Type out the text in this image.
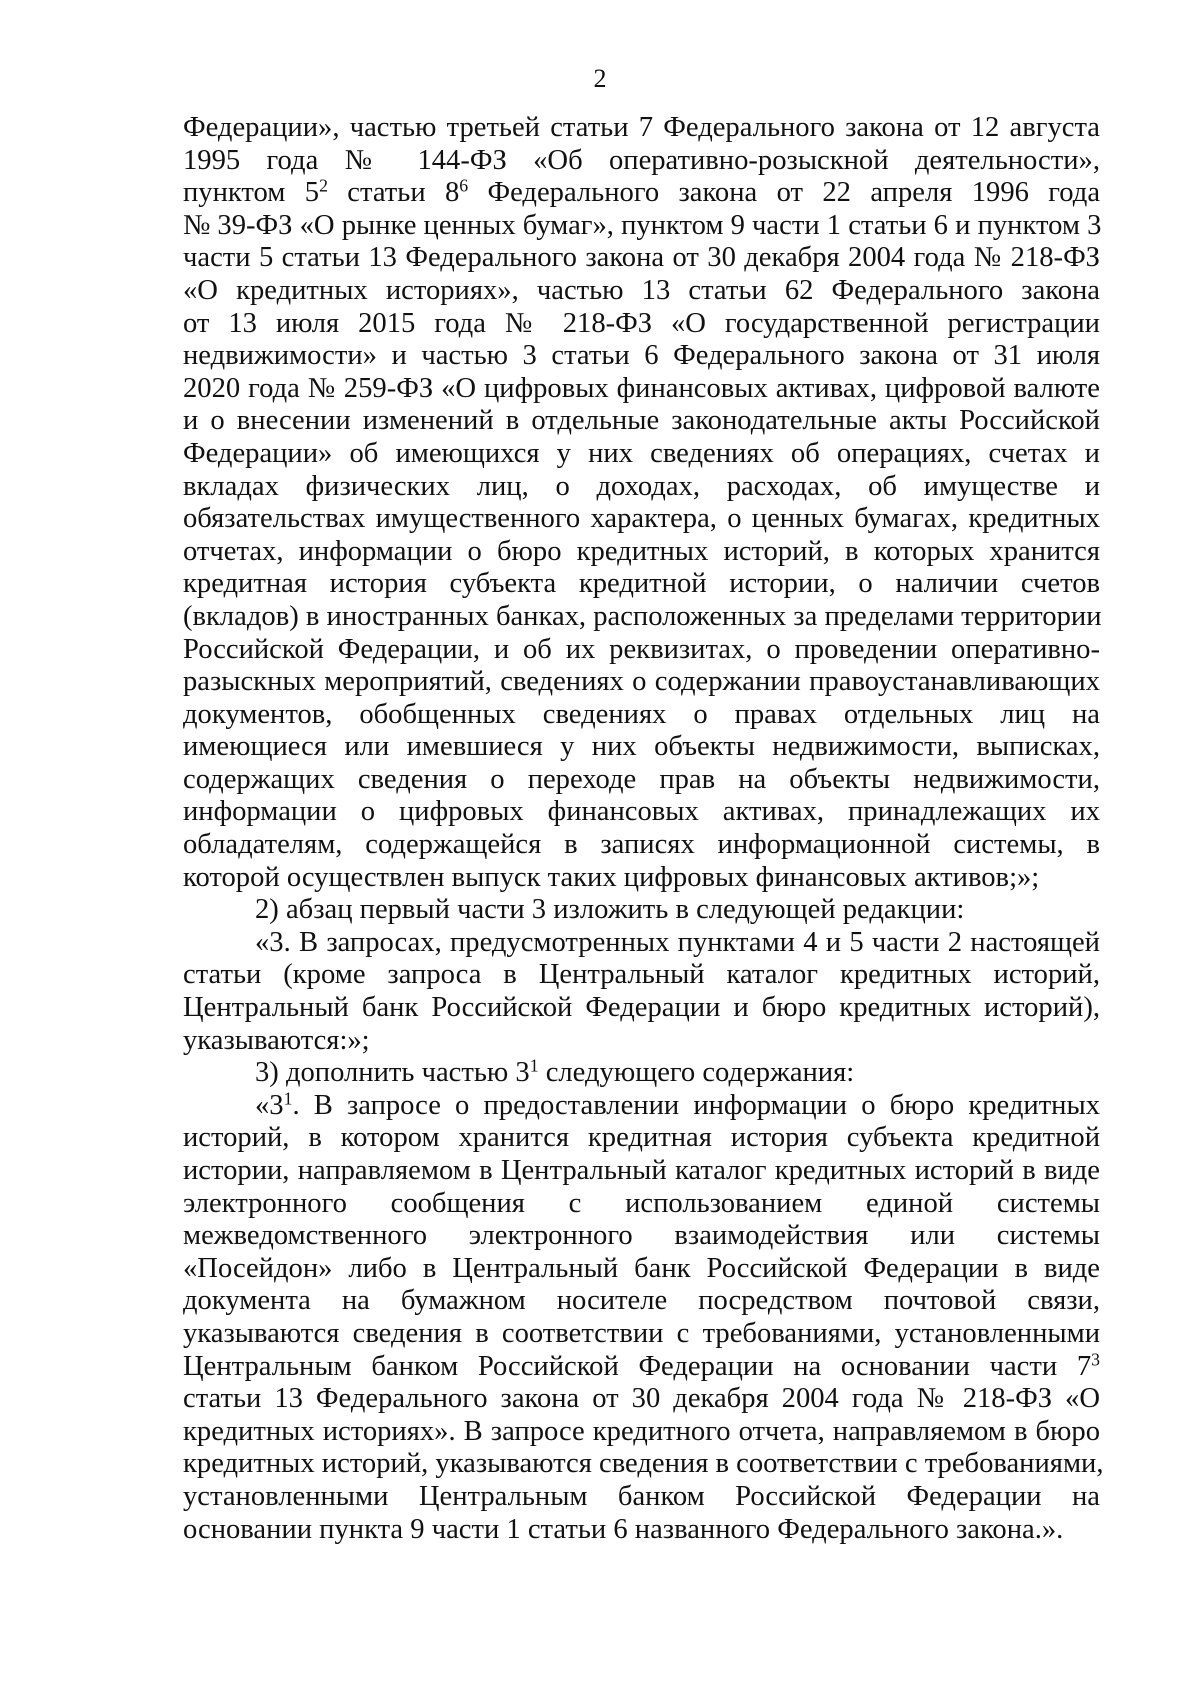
2
Федерации», частью третьей статьи 7 Федерального закона от 12 августа
1995 года № 144-ФЗ «Об оперативно-розыскной деятельности»,
пунктом $5^2$ статьи $8^6$ Федерального закона от 22 апреля 1996 года
№ 39-ФЗ «О рынке ценных бумаг», пунктом 9 части 1 статьи 6 и пунктом 3
части 5 статьи 13 Федерального закона от 30 декабря 2004 года № 218-ФЗ
«О кредитных историях», частью 13 статьи 62 Федерального закона
от 13 июля 2015 года № 218-ФЗ «О государственной регистрации
недвижимости» и частью 3 статьи 6 Федерального закона от 31 июля
2020 года № 259-ФЗ «О цифровых финансовых активах, цифровой валюте
и о внесении изменений в отдельные законодательные акты Российской
Федерации» об имеющихся у них сведениях об операциях, счетах и
вкладах физических лиц, о доходах, расходах, об имуществе и
обязательствах имущественного характера, о ценных бумагах, кредитных
отчетах, информации о бюро кредитных историй, в которых хранится
кредитная история субъекта кредитной истории, о наличии счетов
(вкладов) в иностранных банках, расположенных за пределами территории
Российской Федерации, и об их реквизитах, о проведении оперативно-
разыскных мероприятий, сведениях о содержании правоустанавливающих
документов, обобщенных сведениях о правах отдельных лиц на
имеющиеся или имевшиеся у них объекты недвижимости, выписках,
содержащих сведения о переходе прав на объекты недвижимости,
информации о цифровых финансовых активах, принадлежащих их
обладателям, содержащейся в записях информационной системы, в
которой осуществлен выпуск таких цифровых финансовых активов;»;
2) абзац первый части 3 изложить в следующей редакции:
«3. В запросах, предусмотренных пунктами 4 и 5 части 2 настоящей
статьи (кроме запроса в Центральный каталог кредитных историй,
Центральный банк Российской Федерации и бюро кредитных историй),
указываются:»;
3) дополнить частью $3^1$ следующего содержания:
«$3^1$. В запросе о предоставлении информации о бюро кредитных
историй, в котором хранится кредитная история субъекта кредитной
истории, направляемом в Центральный каталог кредитных историй в виде
электронного сообщения с использованием единой системы
межведомственного электронного взаимодействия или системы
«Посейдон» либо в Центральный банк Российской Федерации в виде
документа на бумажном носителе посредством почтовой связи,
указываются сведения в соответствии с требованиями, установленными
Центральным банком Российской Федерации на основании части $7^3$
статьи 13 Федерального закона от 30 декабря 2004 года № 218-ФЗ «О
кредитных историях». В запросе кредитного отчета, направляемом в бюро
кредитных историй, указываются сведения в соответствии с требованиями,
установленными Центральным банком Российской Федерации на
основании пункта 9 части 1 статьи 6 названного Федерального закона.».
